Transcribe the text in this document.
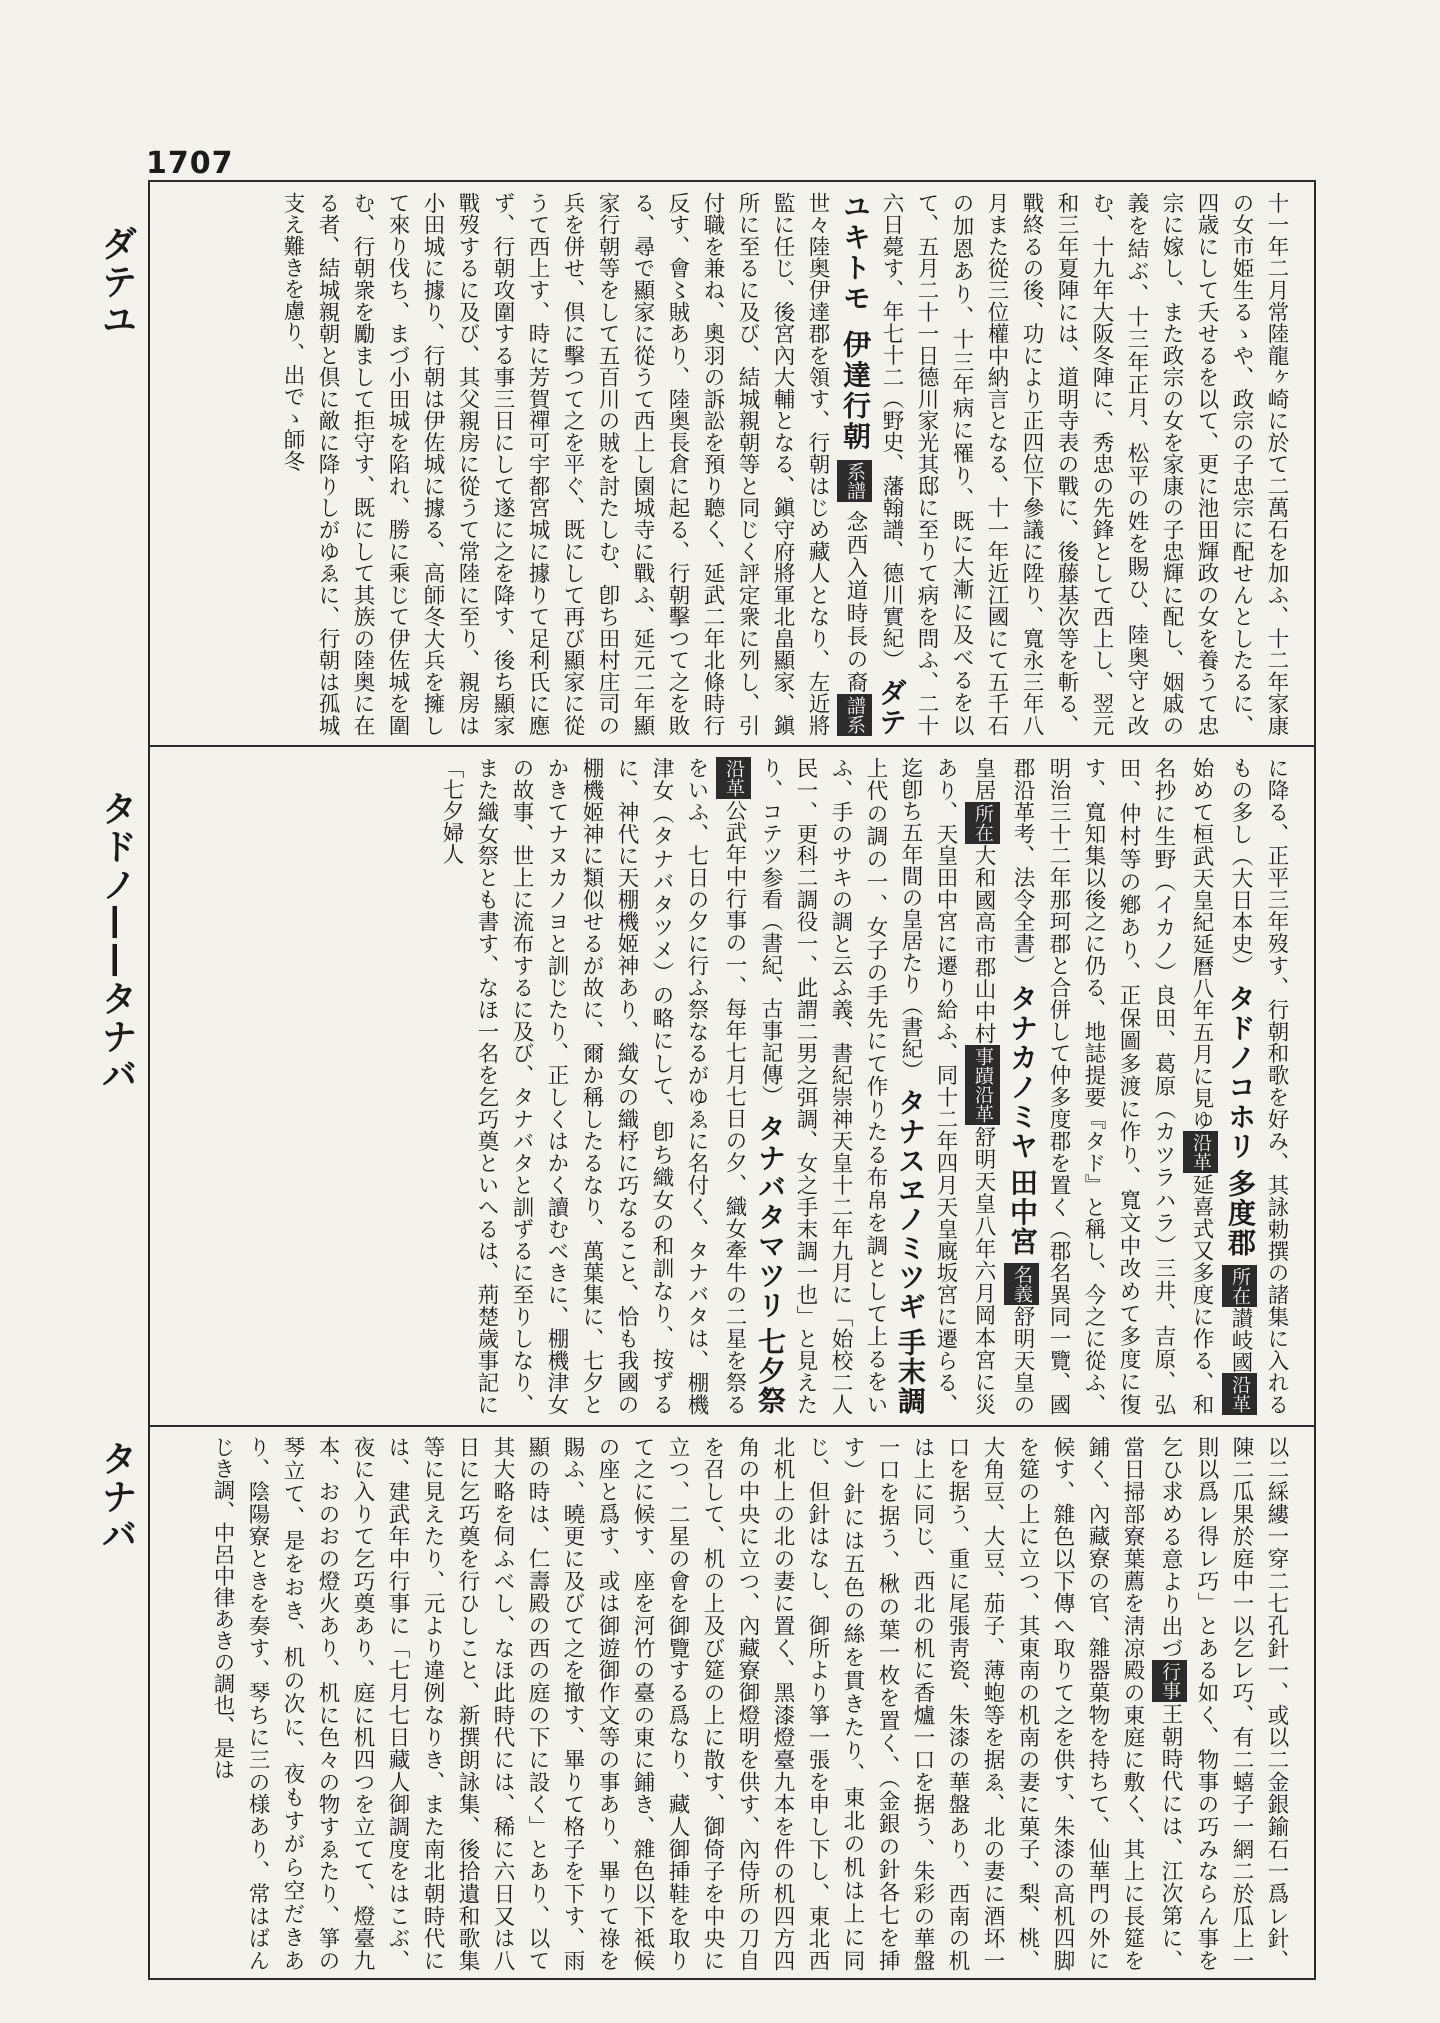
1707
ダテユ
タドノ——タナバ
タナバ
十一年二月常陸龍ヶ崎に於て二萬石を加ふ、十二年家康の女市姫生るゝや、政宗の子忠宗に配せんとしたるに、四歳にして夭せるを以て、更に池田輝政の女を養うて忠宗に嫁し、また政宗の女を家康の子忠輝に配し、姻戚の義を結ぶ、十三年正月、松平の姓を賜ひ、陸奥守と改む、十九年大阪冬陣に、秀忠の先鋒として西上し、翌元和三年夏陣には、道明寺表の戰に、後藤基次等を斬る、戰終るの後、功により正四位下參議に陞り、寬永三年八月また從三位權中納言となる、十一年近江國にて五千石の加恩あり、十三年病に罹り、既に大漸に及べるを以て、五月二十一日德川家光其邸に至りて病を問ふ、二十六日薨す、年七十二（野史、藩翰譜、德川實紀） ダテユキトモ  伊達行朝 系譜 念西入道時長の裔譜系世々陸奥伊達郡を領す、行朝はじめ藏人となり、左近將監に任じ、後宮內大輔となる、鎭守府將軍北畠顯家、鎭所に至るに及び、結城親朝等と同じく評定衆に列し、引付職を兼ね、奧羽の訴訟を預り聽く、延武二年北條時行反す、會〻賊あり、陸奥長倉に起る、行朝擊つて之を敗る、尋で顯家に從うて西上し園城寺に戰ふ、延元二年顯家行朝等をして五百川の賊を討たしむ、卽ち田村庄司の兵を併せ、倶に擊つて之を平ぐ、既にして再び顯家に從うて西上す、時に芳賀禪可宇都宮城に據りて足利氏に應ず、行朝攻圍する事三日にして遂に之を降す、後ち顯家戰歿するに及び、其父親房に從うて常陸に至り、親房は小田城に據り、行朝は伊佐城に據る、高師冬大兵を擁して來り伐ち、まづ小田城を陷れ、勝に乘じて伊佐城を圍む、行朝衆を勵まして拒守す、既にして其族の陸奥に在る者、結城親朝と倶に敵に降りしがゆゑに、行朝は孤城支え難きを慮り、出でゝ師冬
に降る、正平三年歿す、行朝和歌を好み、其詠勅撰の諸集に入れるもの多し（大日本史） タドノコホリ 多度郡 所在讃岐國沿革始めて桓武天皇紀延曆八年五月に見ゆ沿革延喜式又多度に作る、和名抄に生野（イカノ）良田、葛原（カツラハラ）三井、吉原、弘田、仲村等の鄕あり、正保圖多渡に作り、寬文中改めて多度に復す、寬知集以後之に仍る、地誌提要『タド』と稱し、今之に從ふ、明治三十二年那珂郡と合併して仲多度郡を置く（郡名異同一覽、國郡沿革考、法令全書） タナカノミヤ 田中宮 名義舒明天皇の皇居所在大和國高市郡山中村事蹟沿革舒明天皇八年六月岡本宮に災あり、天皇田中宮に遷り給ふ、同十二年四月天皇廐坂宮に遷らる、迄卽ち五年間の皇居たり（書紀） タナスヱノミツギ 手末調 上代の調の一、女子の手先にて作りたる布帛を調として上るをいふ、手のサキの調と云ふ義、書紀崇神天皇十二年九月に「始校二人民一、更科二調役一、此謂二男之弭調、女之手末調一也」と見えたり、コテツ参看（書紀、古事記傳） タナバタマツリ 七夕祭 沿革公武年中行事の一、每年七月七日の夕、織女牽牛の二星を祭るをいふ、七日の夕に行ふ祭なるがゆゑに名付く、タナバタは、棚機津女（タナバタツメ）の略にして、卽ち織女の和訓なり、按ずるに、神代に天棚機姬神あり、織女の織杼に巧なること、恰も我國の棚機姬神に類似せるが故に、爾か稱したるなり、萬葉集に、七夕とかきてナヌカノヨと訓じたり、正しくはかく讀むべきに、棚機津女の故事、世上に流布するに及び、タナバタと訓ずるに至りしなり、また織女祭とも書す、なほ一名を乞巧奠といへるは、荊楚歲事記に「七夕婦人
以二綵縷一穿二七孔針一、或以二金銀鍮石一爲レ針、陳二瓜果於庭中一以乞レ巧、有二蟢子一網二於瓜上一則以爲レ得レ巧」とある如く、物事の巧みならん事を乞ひ求める意より出づ行事王朝時代には、江次第に、當日掃部寮葉薦を淸凉殿の東庭に敷く、其上に長筵を鋪く、內藏寮の官、雜器菓物を持ちて、仙華門の外に候す、雜色以下傳へ取りて之を供す、朱漆の高机四脚を筵の上に立つ、其東南の机南の妻に菓子、梨、桃、大角豆、大豆、茄子、薄蚫等を据ゑ、北の妻に酒坏一口を据う、重に尾張靑瓷、朱漆の華盤あり、西南の机は上に同じ、西北の机に香爐一口を据う、朱彩の華盤一口を据う、楸の葉一枚を置く、（金銀の針各七を挿す）針には五色の絲を貫きたり、東北の机は上に同じ、但針はなし、御所より箏一張を申し下し、東北西北机上の北の妻に置く、黑漆燈臺九本を件の机四方四角の中央に立つ、內藏寮御燈明を供す、內侍所の刀自を召して、机の上及び筵の上に散す、御倚子を中央に立つ、二星の會を御覽する爲なり、藏人御挿鞋を取りて之に候す、座を河竹の臺の東に鋪き、雜色以下祗候の座と爲す、或は御遊御作文等の事あり、畢りて祿を賜ふ、曉更に及びて之を撤す、畢りて格子を下す、雨顯の時は、仁壽殿の西の庭の下に設く」とあり、以て其大略を伺ふべし、なほ此時代には、稀に六日又は八日に乞巧奠を行ひしこと、新撰朗詠集、後拾遺和歌集等に見えたり、元より違例なりき、また南北朝時代には、建武年中行事に「七月七日藏人御調度をはこぶ、夜に入りて乞巧奠あり、庭に机四つを立てて、燈臺九本、おのおの燈火あり、机に色々の物すゑたり、箏の琴立て、是をおき、机の次に、夜もすがら空だきあり、陰陽寮ときを奏す、琴ちに三の様あり、常はばんじき調、中呂中律あきの調也、是は
